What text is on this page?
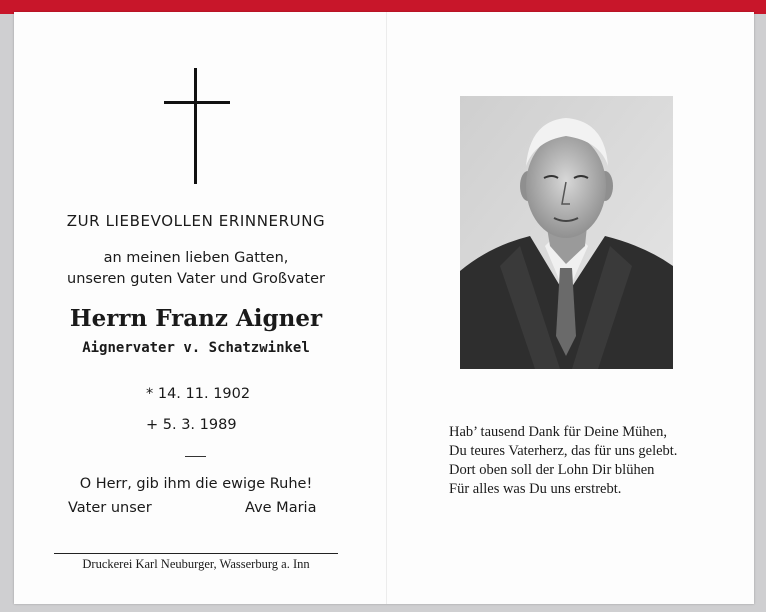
ZUR LIEBEVOLLEN ERINNERUNG
an meinen lieben Gatten,
unseren guten Vater und Großvater
Herrn Franz Aigner
Aignervater v. Schatzwinkel
* 14. 11. 1902
+ 5. 3. 1989
O Herr, gib ihm die ewige Ruhe!
Vater unser	Ave Maria
Druckerei Karl Neuburger, Wasserburg a. Inn
Hab’ tausend Dank für Deine Mühen,
Du teures Vaterherz, das für uns gelebt.
Dort oben soll der Lohn Dir blühen
Für alles was Du uns erstrebt.
